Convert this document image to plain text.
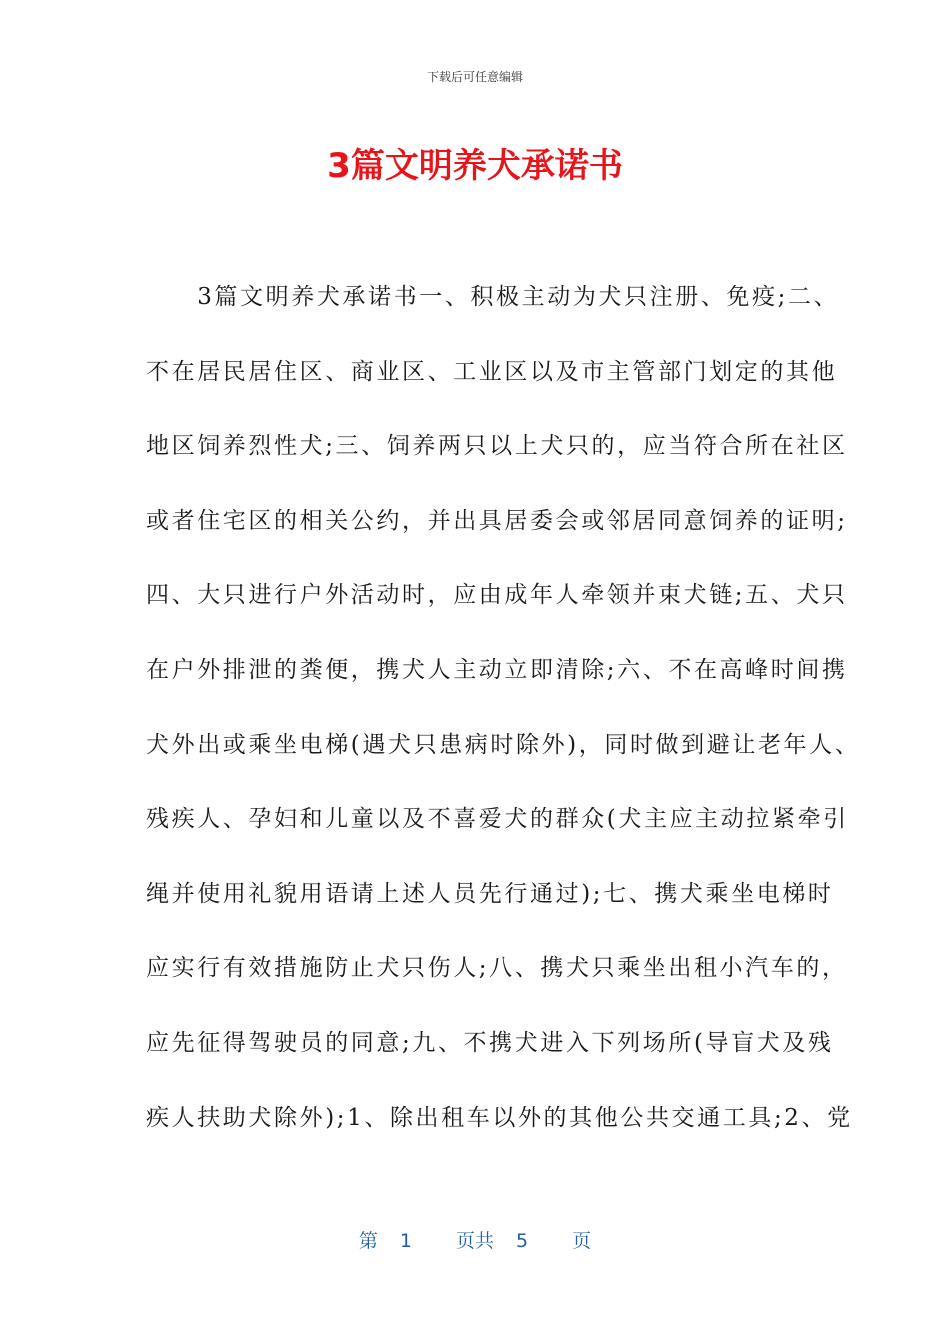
下载后可任意编辑
3篇文明养犬承诺书
　　3篇文明养犬承诺书一、积极主动为犬只注册、免疫;二、
不在居民居住区、商业区、工业区以及市主管部门划定的其他
地区饲养烈性犬;三、饲养两只以上犬只的，应当符合所在社区
或者住宅区的相关公约，并出具居委会或邻居同意饲养的证明;
四、大只进行户外活动时，应由成年人牵领并束犬链;五、犬只
在户外排泄的粪便，携犬人主动立即清除;六、不在高峰时间携
犬外出或乘坐电梯(遇犬只患病时除外)，同时做到避让老年人、
残疾人、孕妇和儿童以及不喜爱犬的群众(犬主应主动拉紧牵引
绳并使用礼貌用语请上述人员先行通过);七、携犬乘坐电梯时
应实行有效措施防止犬只伤人;八、携犬只乘坐出租小汽车的，
应先征得驾驶员的同意;九、不携犬进入下列场所(导盲犬及残
疾人扶助犬除外);1、除出租车以外的其他公共交通工具;2、党
第 1 页共 5 页
